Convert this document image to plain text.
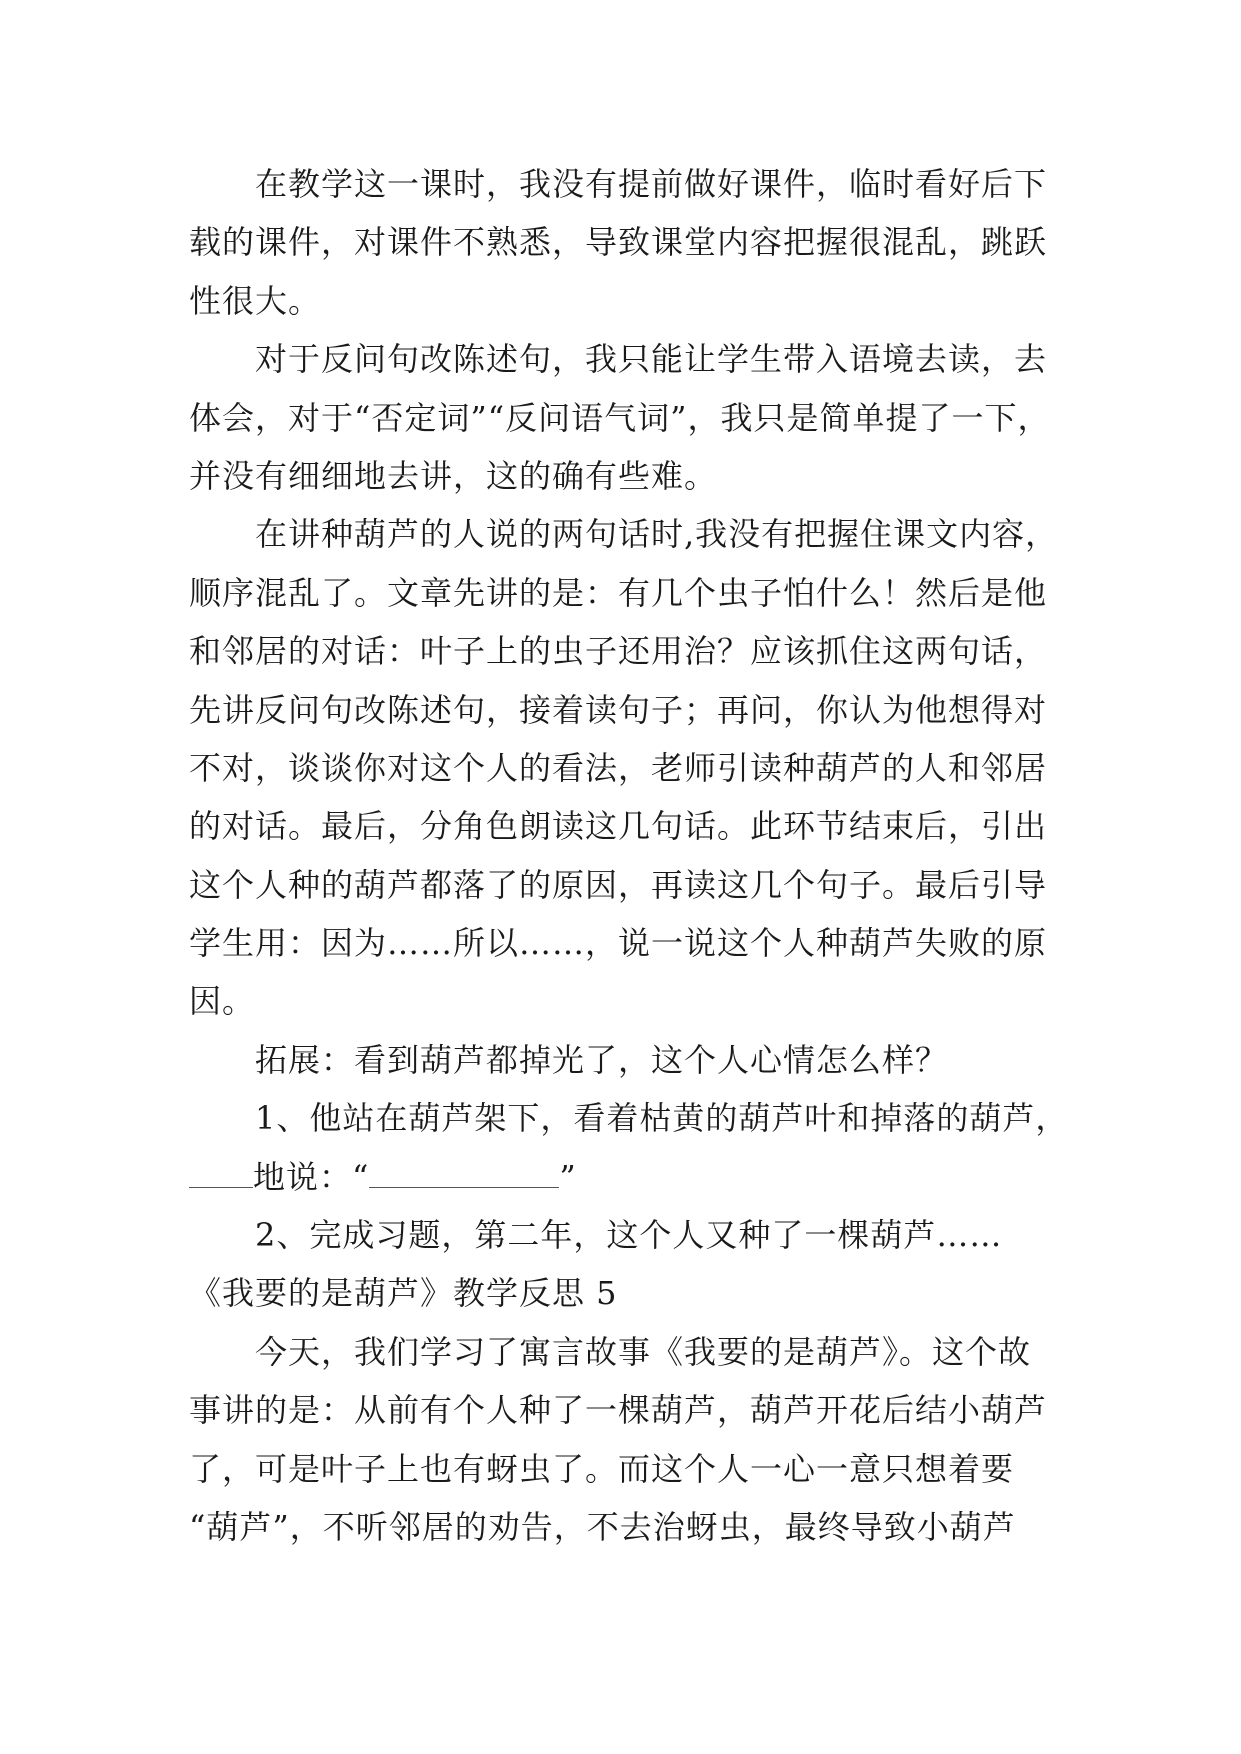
在教学这一课时，我没有提前做好课件，临时看好后下
载的课件，对课件不熟悉，导致课堂内容把握很混乱，跳跃
性很大。
对于反问句改陈述句，我只能让学生带入语境去读，去
体会，对于“否定词”“反问语气词”，我只是简单提了一下，
并没有细细地去讲，这的确有些难。
在讲种葫芦的人说的两句话时,我没有把握住课文内容，
顺序混乱了。文章先讲的是：有几个虫子怕什么！然后是他
和邻居的对话：叶子上的虫子还用治？应该抓住这两句话，
先讲反问句改陈述句，接着读句子；再问，你认为他想得对
不对，谈谈你对这个人的看法，老师引读种葫芦的人和邻居
的对话。最后，分角色朗读这几句话。此环节结束后，引出
这个人种的葫芦都落了的原因，再读这几个句子。最后引导
学生用：因为……所以……，说一说这个人种葫芦失败的原
因。
拓展：看到葫芦都掉光了，这个人心情怎么样？
1、他站在葫芦架下，看着枯黄的葫芦叶和掉落的葫芦，
地说：“	”
2、完成习题，第二年，这个人又种了一棵葫芦……
《我要的是葫芦》教学反思 5
今天，我们学习了寓言故事《我要的是葫芦》。这个故
事讲的是：从前有个人种了一棵葫芦，葫芦开花后结小葫芦
了，可是叶子上也有蚜虫了。而这个人一心一意只想着要
“葫芦”，不听邻居的劝告，不去治蚜虫，最终导致小葫芦
